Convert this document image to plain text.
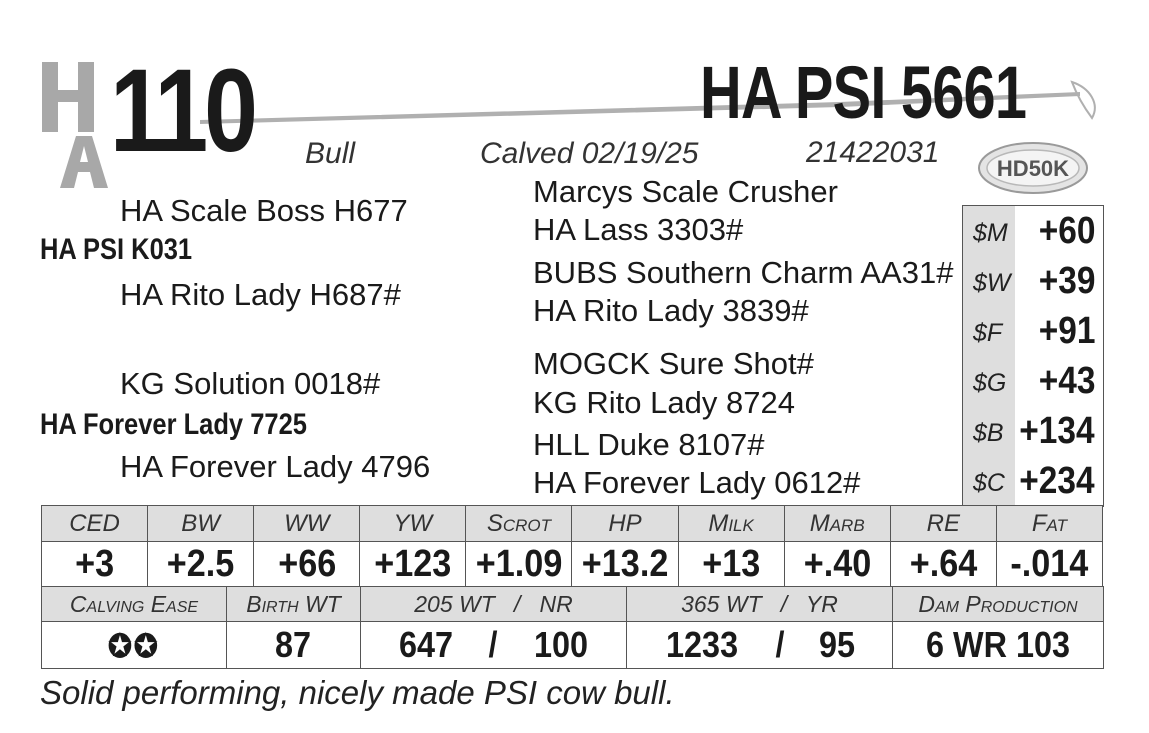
110	HA PSI 5661
Bull	Calved 02/19/25	21422031	HD50K
HA Scale Boss H677
HA PSI K031
HA Rito Lady H687#
KG Solution 0018#
HA Forever Lady 7725
HA Forever Lady 4796
Marcys Scale Crusher
HA Lass 3303#
BUBS Southern Charm AA31#
HA Rito Lady 3839#
MOGCK Sure Shot#
KG Rito Lady 8724
HLL Duke 8107#
HA Forever Lady 0612#
$M +60
$W +39
$F +91
$G +43
$B +134
$C +234
CED	BW	WW	YW	Scrot	HP	Milk	Marb	RE	Fat
+3	+2.5	+66	+123	+1.09	+13.2	+13	+.40	+.64	-.014
Calving Ease	Birth WT	205 WT   /   NR	365 WT   /   YR	Dam Production
✪✪	87	647 / 100	1233 / 95	6 WR 103
Solid performing, nicely made PSI cow bull.
